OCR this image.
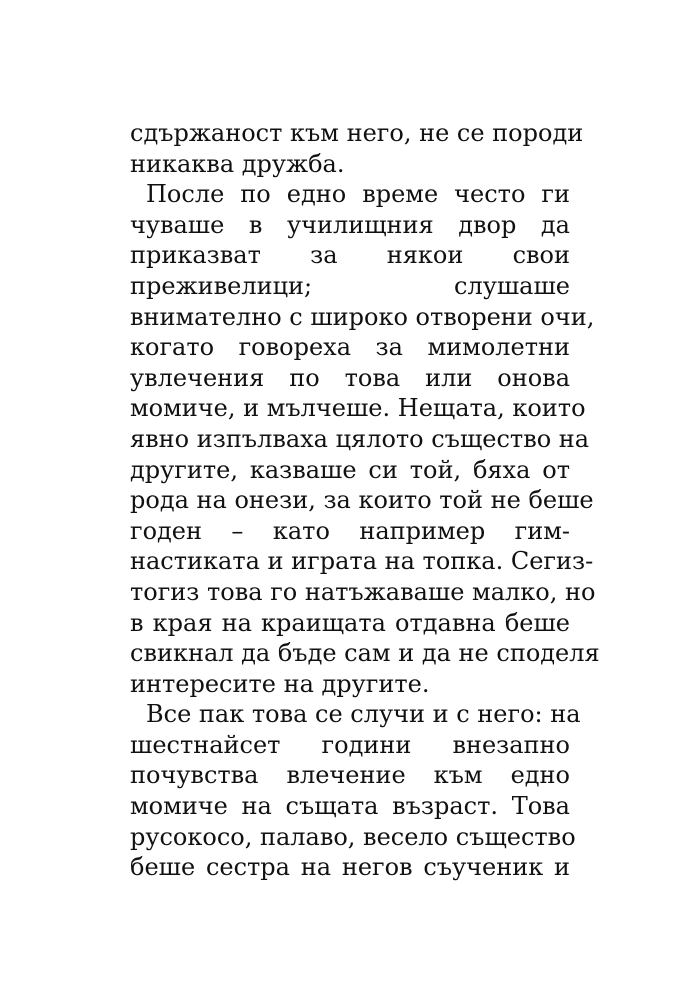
сдържаност към него, не се породи
никаква дружба.
После по едно време често ги
чуваше в училищния двор да
приказват за някои свои
преживелици; слушаше
внимателно с широко отворени очи,
когато говореха за мимолетни
увлечения по това или онова
момиче, и мълчеше. Нещата, които
явно изпълваха цялото същество на
другите, казваше си той, бяха от
рода на онези, за които той не беше
годен – като например гим-
настиката и играта на топка. Сегиз-
тогиз това го натъжаваше малко, но
в края на краищата отдавна беше
свикнал да бъде сам и да не споделя
интересите на другите.
Все пак това се случи и с него: на
шестнайсет години внезапно
почувства влечение към едно
момиче на същата възраст. Това
русокосо, палаво, весело същество
беше сестра на негов съученик и
